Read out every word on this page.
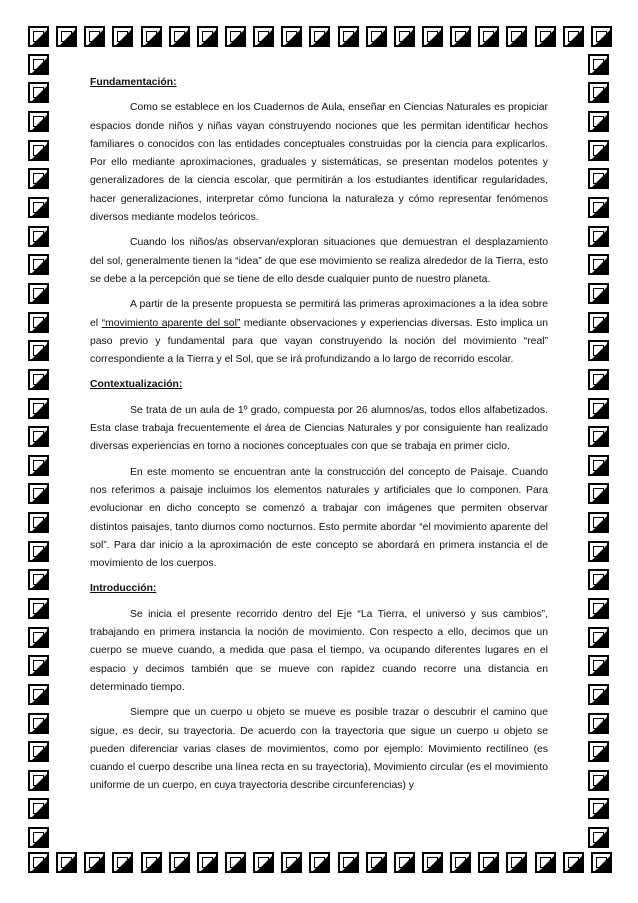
Fundamentación:

Como se establece en los Cuadernos de Aula, enseñar en Ciencias Naturales es propiciar espacios donde niños y niñas vayan construyendo nociones que les permitan identificar hechos familiares o conocidos con las entidades conceptuales construidas por la ciencia para explicarlos. Por ello mediante aproximaciones, graduales y sistemáticas, se presentan modelos potentes y generalizadores de la ciencia escolar, que permitirán a los estudiantes identificar regularidades, hacer generalizaciones, interpretar cómo funciona la naturaleza y cómo representar fenómenos diversos mediante modelos teóricos.

Cuando los niños/as observan/exploran situaciones que demuestran el desplazamiento del sol, generalmente tienen la “idea” de que ese movimiento se realiza alrededor de la Tierra, esto se debe a la percepción que se tiene de ello desde cualquier punto de nuestro planeta.

A partir de la presente propuesta se permitirá las primeras aproximaciones a la idea sobre el “movimiento aparente del sol” mediante observaciones y experiencias diversas. Esto implica un paso previo y fundamental para que vayan construyendo la noción del movimiento “real” correspondiente a la Tierra y el Sol, que se irá profundizando a lo largo de recorrido escolar.

Contextualización:

Se trata de un aula de 1º grado, compuesta por 26 alumnos/as, todos ellos alfabetizados. Esta clase trabaja frecuentemente el área de Ciencias Naturales y por consiguiente han realizado diversas experiencias en torno a nociones conceptuales con que se trabaja en primer ciclo.

En este momento se encuentran ante la construcción del concepto de Paisaje. Cuando nos referimos a paisaje incluimos los elementos naturales y artificiales que lo componen. Para evolucionar en dicho concepto se comenzó a trabajar con imágenes que permiten observar distintos paisajes, tanto diurnos como nocturnos. Esto permite abordar “el movimiento aparente del sol”. Para dar inicio a la aproximación de este concepto se abordará en primera instancia el de movimiento de los cuerpos.

Introducción:

Se inicia el presente recorrido dentro del Eje “La Tierra, el universo y sus cambios”, trabajando en primera instancia la noción de movimiento. Con respecto a ello, decimos que un cuerpo se mueve cuando, a medida que pasa el tiempo, va ocupando diferentes lugares en el espacio y decimos también que se mueve con rapidez cuando recorre una distancia en determinado tiempo.

Siempre que un cuerpo u objeto se mueve es posible trazar o descubrir el camino que sigue, es decir, su trayectoria. De acuerdo con la trayectoria que sigue un cuerpo u objeto se pueden diferenciar varias clases de movimientos, como por ejemplo: Movimiento rectilíneo (es cuando el cuerpo describe una línea recta en su trayectoria), Movimiento circular (es el movimiento uniforme de un cuerpo, en cuya trayectoria describe circunferencias) y
